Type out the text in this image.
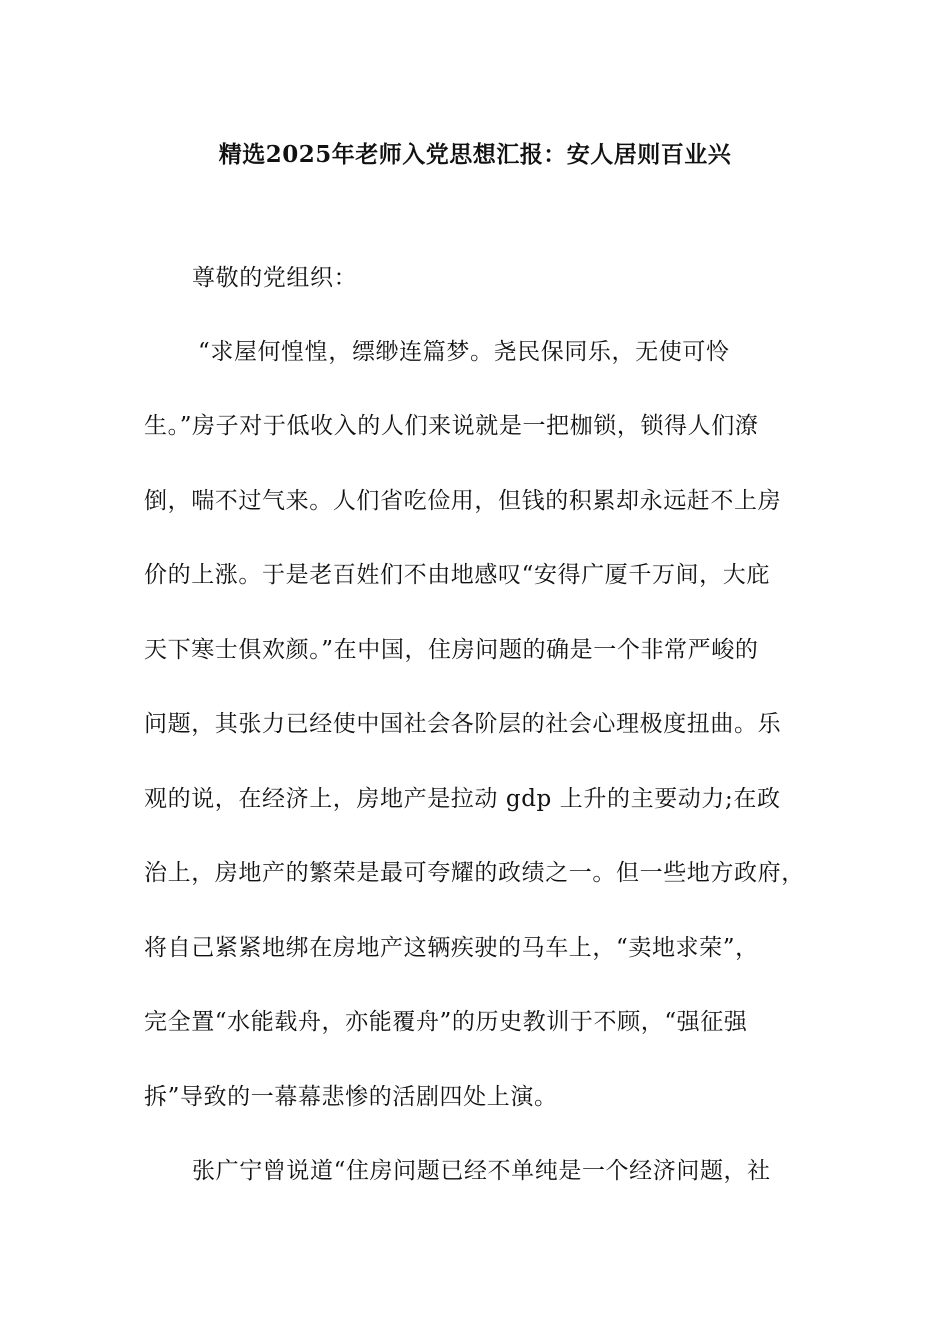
精选2025年老师入党思想汇报：安人居则百业兴
尊敬的党组织：
“求屋何惶惶，缥缈连篇梦。尧民保同乐，无使可怜
生。”房子对于低收入的人们来说就是一把枷锁，锁得人们潦
倒，喘不过气来。人们省吃俭用，但钱的积累却永远赶不上房
价的上涨。于是老百姓们不由地感叹“安得广厦千万间，大庇
天下寒士俱欢颜。”在中国，住房问题的确是一个非常严峻的
问题，其张力已经使中国社会各阶层的社会心理极度扭曲。乐
观的说，在经济上，房地产是拉动 gdp 上升的主要动力;在政
治上，房地产的繁荣是最可夸耀的政绩之一。但一些地方政府，
将自己紧紧地绑在房地产这辆疾驶的马车上，“卖地求荣”，
完全置“水能载舟，亦能覆舟”的历史教训于不顾，“强征强
拆”导致的一幕幕悲惨的活剧四处上演。
张广宁曾说道“住房问题已经不单纯是一个经济问题，社
